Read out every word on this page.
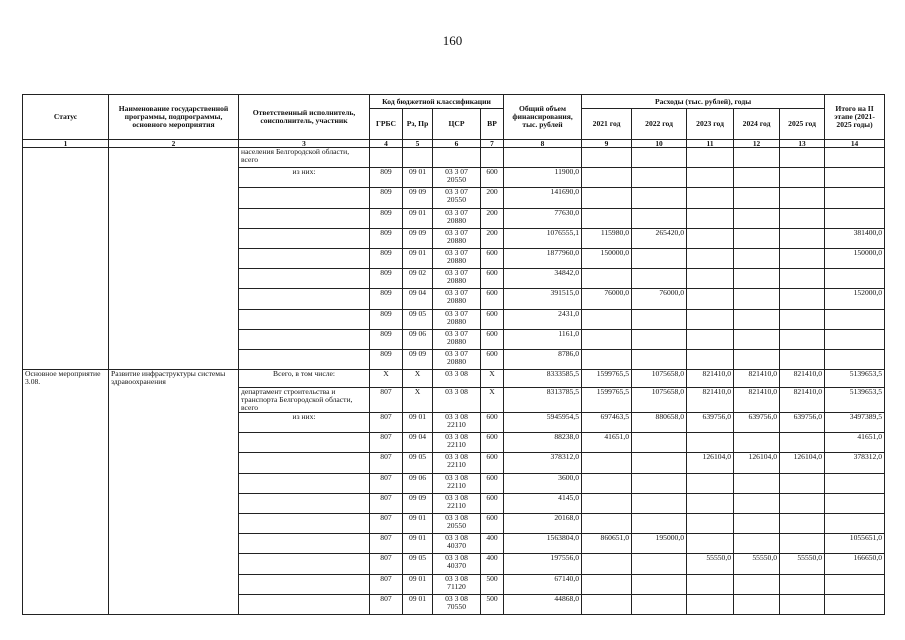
160
Статус	Наименование государственной программы, подпрограммы, основного мероприятия	Ответственный исполнитель, соисполнитель, участник	Код бюджетной классификации				Общий объем финансирования, тыс. рублей	Расходы (тыс. рублей), годы					Итого на II этапе (2021-2025 годы)
			ГРБС	Рз, Пр	ЦСР	ВР		2021 год	2022 год	2023 год	2024 год	2025 год	
1	2	3	4	5	6	7	8	9	10	11	12	13	14
		населения Белгородской области, всего											
		из них:	809	09 01	03 3 07 20550	600	11900,0						
			809	09 09	03 3 07 20550	200	141690,0						
			809	09 01	03 3 07 20880	200	77630,0						
			809	09 09	03 3 07 20880	200	1076555,1	115980,0	265420,0				381400,0
			809	09 01	03 3 07 20880	600	1877960,0	150000,0					150000,0
			809	09 02	03 3 07 20880	600	34842,0						
			809	09 04	03 3 07 20880	600	391515,0	76000,0	76000,0				152000,0
			809	09 05	03 3 07 20880	600	2431,0						
			809	09 06	03 3 07 20880	600	1161,0						
			809	09 09	03 3 07 20880	600	8786,0						
Основное мероприятие 3.08.	Развитие инфраструктуры системы здравоохранения	Всего, в том числе:	X	X	03 3 08	X	8333585,5	1599765,5	1075658,0	821410,0	821410,0	821410,0	5139653,5
		департамент строительства и транспорта Белгородской области, всего	807	X	03 3 08	X	8313785,5	1599765,5	1075658,0	821410,0	821410,0	821410,0	5139653,5
		из них:	807	09 01	03 3 08 22110	600	5945954,5	697463,5	880658,0	639756,0	639756,0	639756,0	3497389,5
			807	09 04	03 3 08 22110	600	88238,0	41651,0					41651,0
			807	09 05	03 3 08 22110	600	378312,0			126104,0	126104,0	126104,0	378312,0
			807	09 06	03 3 08 22110	600	3600,0						
			807	09 09	03 3 08 22110	600	4145,0						
			807	09 01	03 3 08 20550	600	20168,0						
			807	09 01	03 3 08 40370	400	1563804,0	860651,0	195000,0				1055651,0
			807	09 05	03 3 08 40370	400	197556,0			55550,0	55550,0	55550,0	166650,0
			807	09 01	03 3 08 71120	500	67140,0						
			807	09 01	03 3 08 70550	500	44868,0						
